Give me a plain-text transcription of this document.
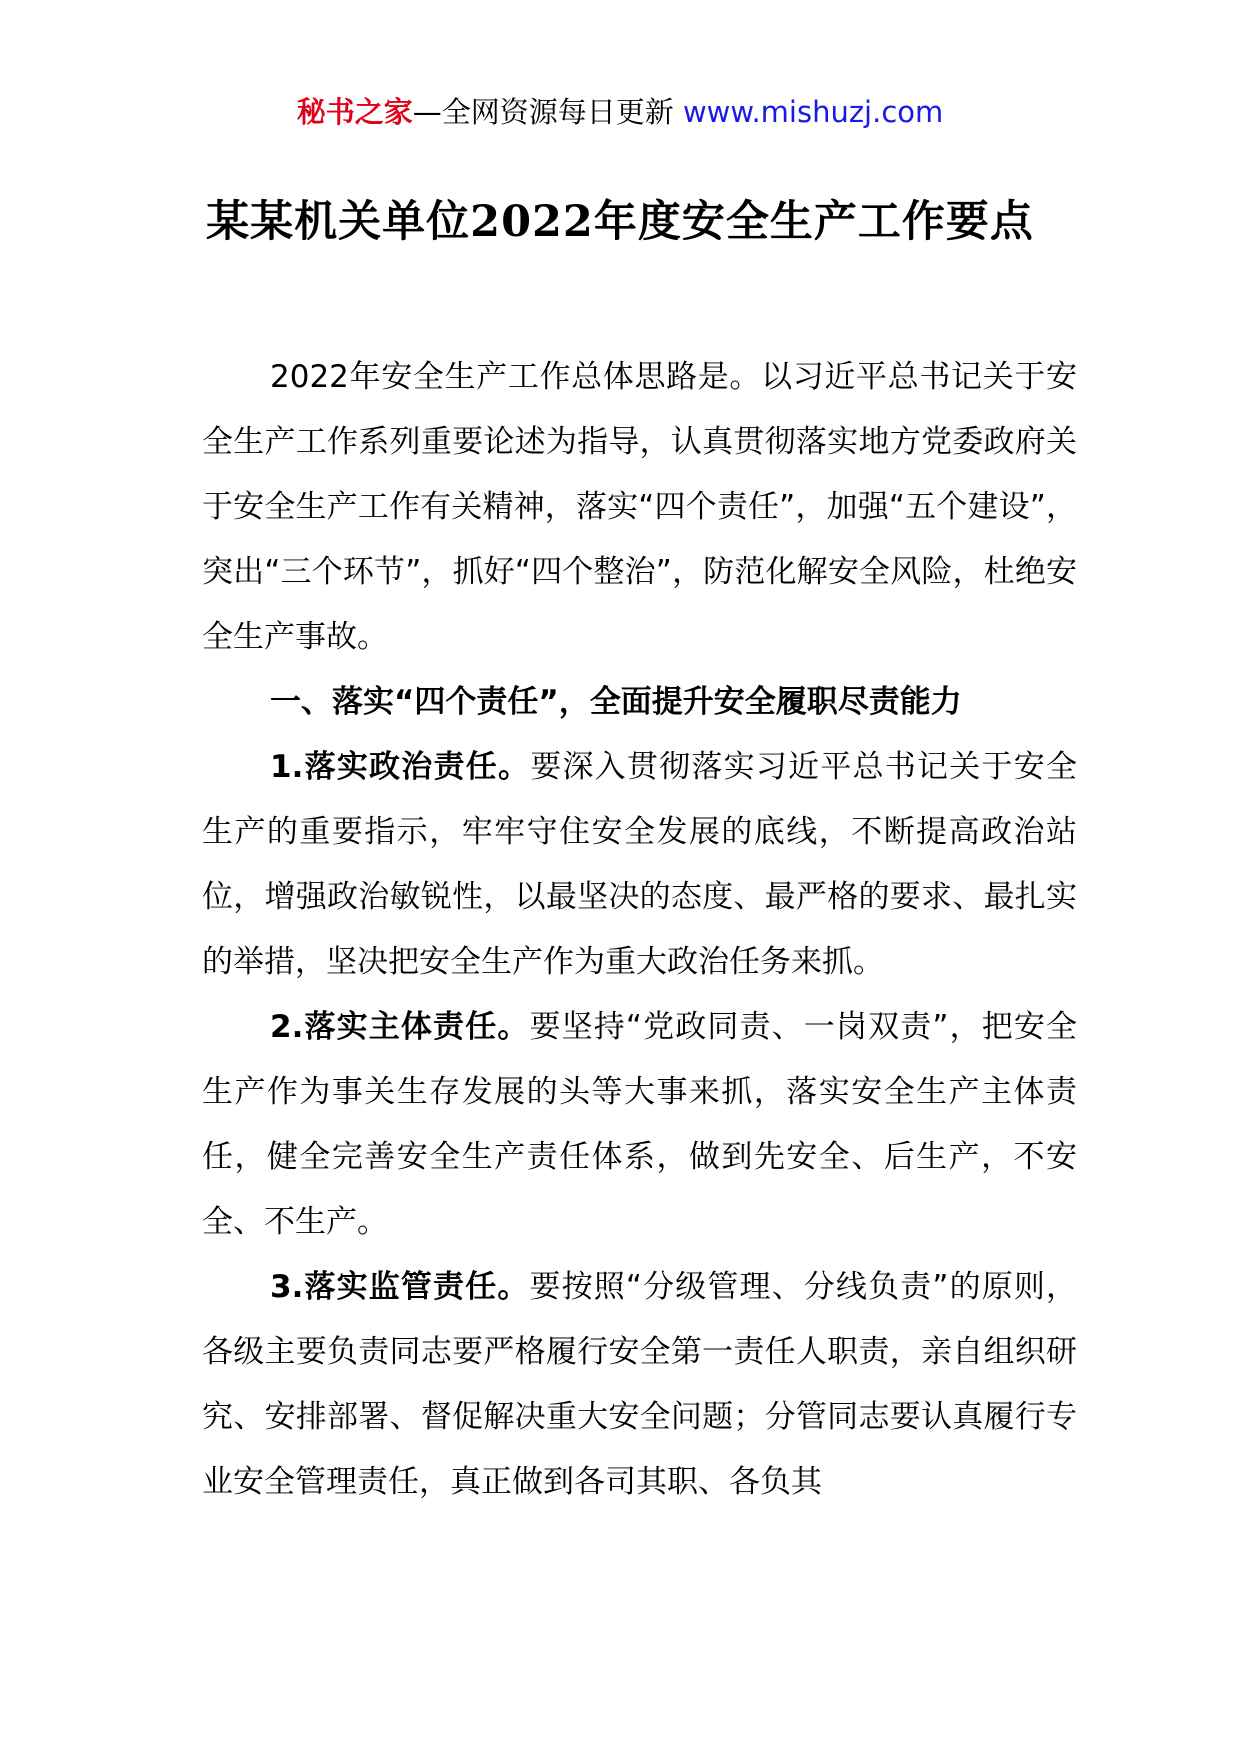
秘书之家—全网资源每日更新 www.mishuzj.com
某某机关单位2022年度安全生产工作要点

2022年安全生产工作总体思路是。以习近平总书记关于安全生产工作系列重要论述为指导，认真贯彻落实地方党委政府关于安全生产工作有关精神，落实“四个责任”，加强“五个建设”，突出“三个环节”，抓好“四个整治”，防范化解安全风险，杜绝安全生产事故。

一、落实“四个责任”，全面提升安全履职尽责能力

1.落实政治责任。要深入贯彻落实习近平总书记关于安全生产的重要指示，牢牢守住安全发展的底线，不断提高政治站位，增强政治敏锐性，以最坚决的态度、最严格的要求、最扎实的举措，坚决把安全生产作为重大政治任务来抓。

2.落实主体责任。要坚持“党政同责、一岗双责”，把安全生产作为事关生存发展的头等大事来抓，落实安全生产主体责任，健全完善安全生产责任体系，做到先安全、后生产，不安全、不生产。

3.落实监管责任。要按照“分级管理、分线负责”的原则，各级主要负责同志要严格履行安全第一责任人职责，亲自组织研究、安排部署、督促解决重大安全问题；分管同志要认真履行专业安全管理责任，真正做到各司其职、各负其
